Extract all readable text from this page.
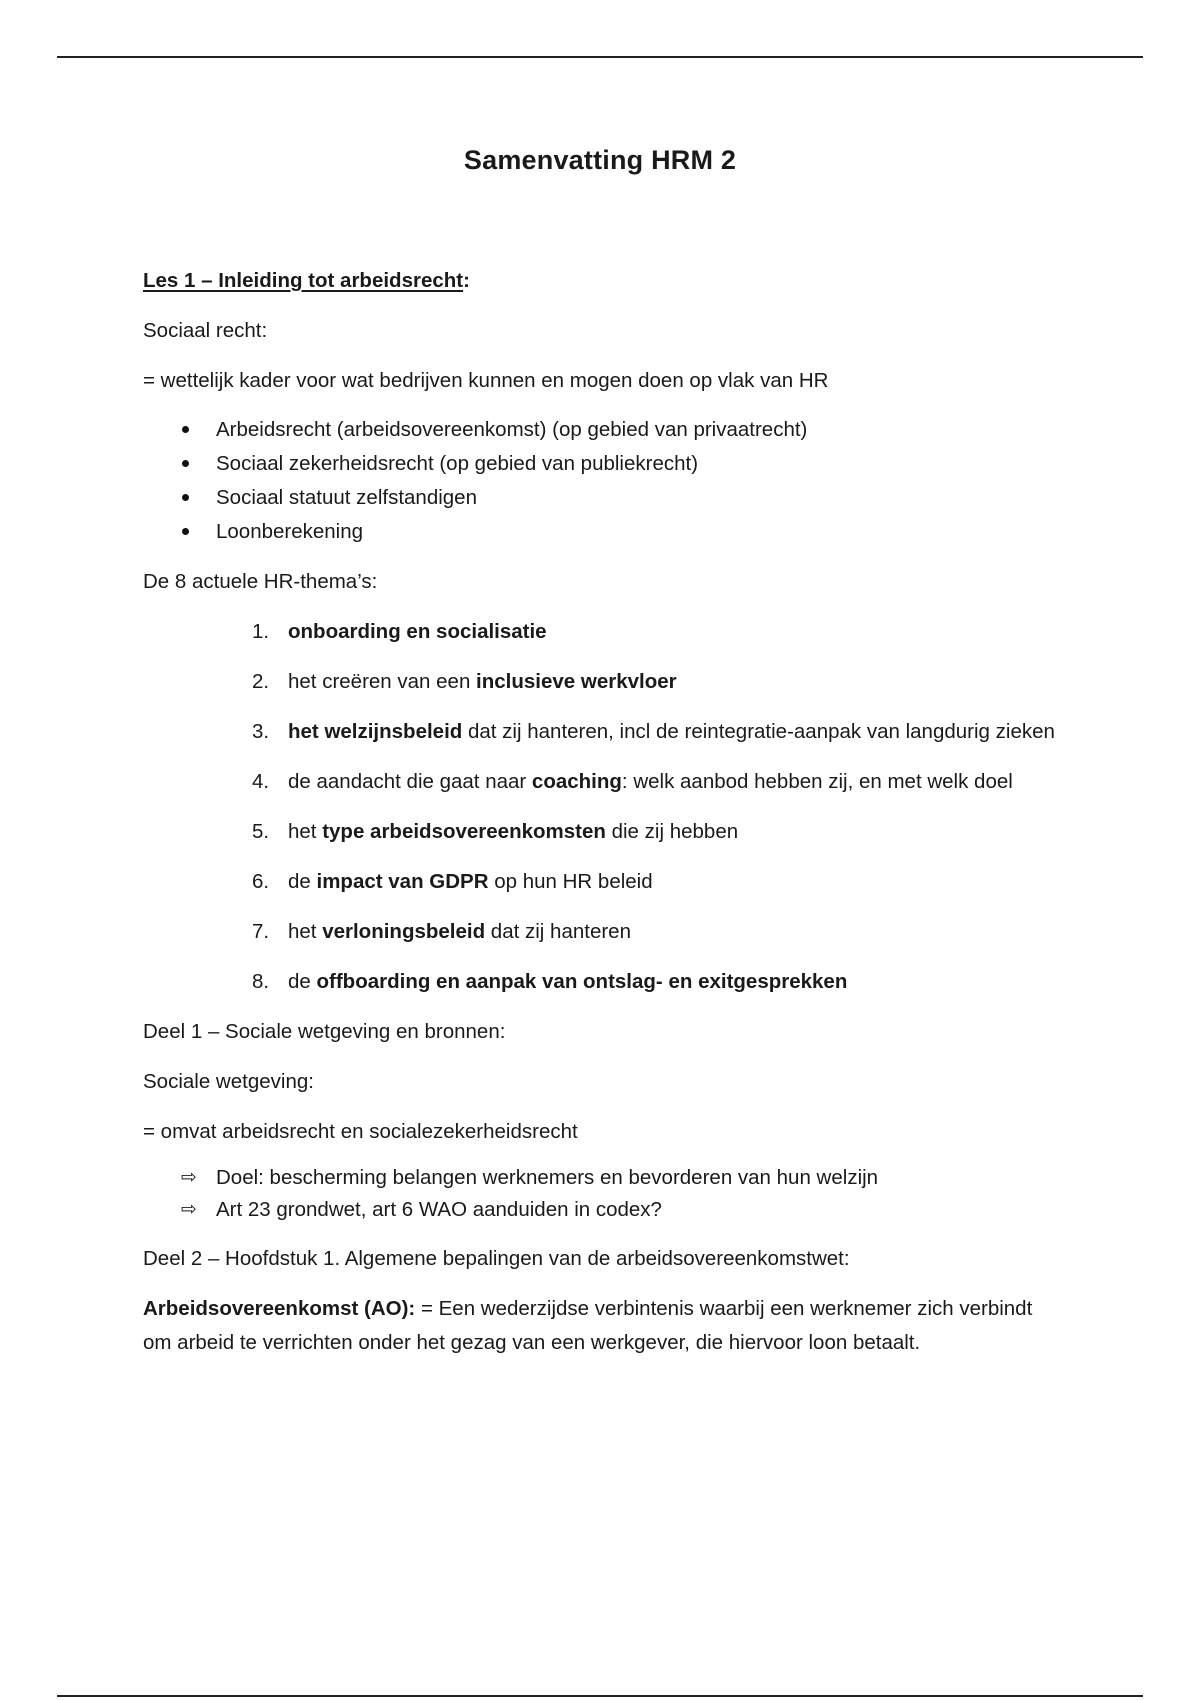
Samenvatting HRM 2

Les 1 – Inleiding tot arbeidsrecht:

Sociaal recht:

= wettelijk kader voor wat bedrijven kunnen en mogen doen op vlak van HR

Arbeidsrecht (arbeidsovereenkomst) (op gebied van privaatrecht)
Sociaal zekerheidsrecht (op gebied van publiekrecht)
Sociaal statuut zelfstandigen
Loonberekening

De 8 actuele HR-thema’s:

1. onboarding en socialisatie
2. het creëren van een inclusieve werkvloer
3. het welzijnsbeleid dat zij hanteren, incl de reintegratie-aanpak van langdurig zieken
4. de aandacht die gaat naar coaching: welk aanbod hebben zij, en met welk doel
5. het type arbeidsovereenkomsten die zij hebben
6. de impact van GDPR op hun HR beleid
7. het verloningsbeleid dat zij hanteren
8. de offboarding en aanpak van ontslag- en exitgesprekken

Deel 1 – Sociale wetgeving en bronnen:

Sociale wetgeving:

= omvat arbeidsrecht en socialezekerheidsrecht

⇨ Doel: bescherming belangen werknemers en bevorderen van hun welzijn
⇨ Art 23 grondwet, art 6 WAO aanduiden in codex?

Deel 2 – Hoofdstuk 1. Algemene bepalingen van de arbeidsovereenkomstwet:

Arbeidsovereenkomst (AO): = Een wederzijdse verbintenis waarbij een werknemer zich verbindt om arbeid te verrichten onder het gezag van een werkgever, die hiervoor loon betaalt.
